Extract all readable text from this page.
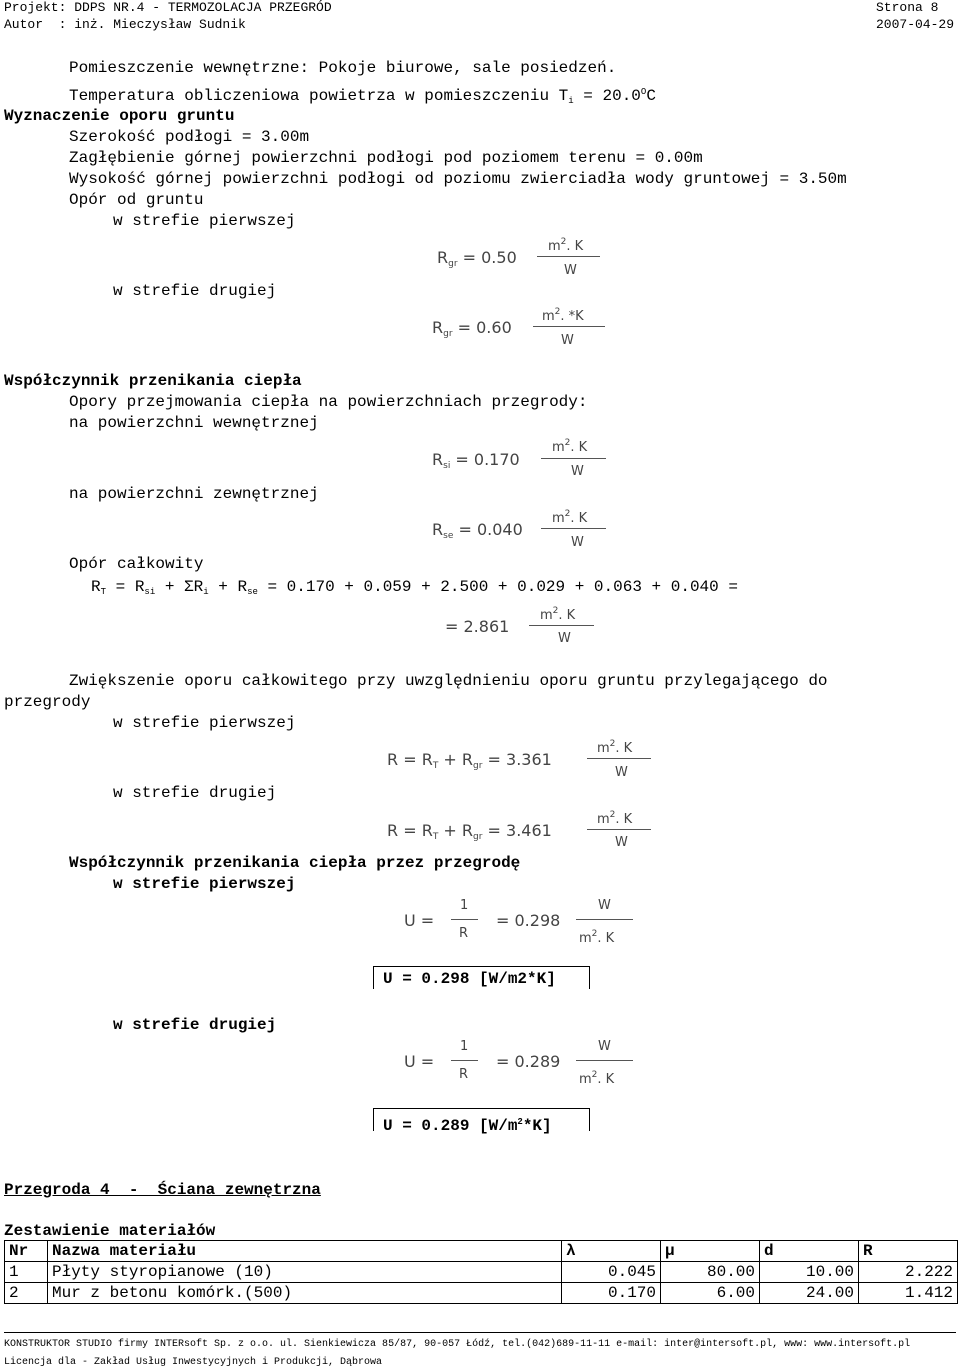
Projekt: DDPS NR.4 - TERMOZOLACJA PRZEGRÓD	Strona 8
Autor  : inż. Mieczysław Sudnik	2007-04-29
Pomieszczenie wewnętrzne: Pokoje biurowe, sale posiedzeń.
Temperatura obliczeniowa powietrza w pomieszczeniu $T_i = 20.0^OC$
Wyznaczenie oporu gruntu
Szerokość podłogi = 3.00m
Zagłębienie górnej powierzchni podłogi pod poziomem terenu = 0.00m
Wysokość górnej powierzchni podłogi od poziomu zwierciadła wody gruntowej = 3.50m
Opór od gruntu
w strefie pierwszej
$R_{gr} = 0.50$
$m^2$. K
W
w strefie drugiej
$R_{gr} = 0.60$
$m^2$. *K
W
Współczynnik przenikania ciepła
Opory przejmowania ciepła na powierzchniach przegrody:
na powierzchni wewnętrznej
$R_{si} = 0.170$
$m^2$. K
W
na powierzchni zewnętrznej
$R_{se} = 0.040$
$m^2$. K
W
Opór całkowity
$R_T = R_{si} + \Sigma R_i + R_{se} = 0.170 + 0.059 + 2.500 + 0.029 + 0.063 + 0.040$ =
= 2.861
$m^2$. K
W
Zwiększenie oporu całkowitego przy uwzględnieniu oporu gruntu przylegającego do
przegrody
w strefie pierwszej
$R = R_T + R_{gr} = 3.361$
$m^2$. K
W
w strefie drugiej
$R = R_T + R_{gr} = 3.461$
$m^2$. K
W
Współczynnik przenikania ciepła przez przegrodę
w strefie pierwszej
U =
1
R
= 0.298
W
$m^2$. K
U = 0.298 [W/m2*K]
w strefie drugiej
U =
1
R
= 0.289
W
$m^2$. K
U = 0.289 $[W/m^2*K]$
Przegroda 4  -  Ściana zewnętrzna
Zestawienie materiałów
Nr	Nazwa materiału	λ	μ	d	R
1	Płyty styropianowe (10)	0.045	80.00	10.00	2.222
2	Mur z betonu komórk.(500)	0.170	6.00	24.00	1.412
KONSTRUKTOR STUDIO firmy INTERsoft Sp. z o.o. ul. Sienkiewicza 85/87, 90-057 Łódź, tel.(042)689-11-11 e-mail: inter@intersoft.pl, www: www.intersoft.pl
Licencja dla - Zakład Usług Inwestycyjnych i Produkcji, Dąbrowa
